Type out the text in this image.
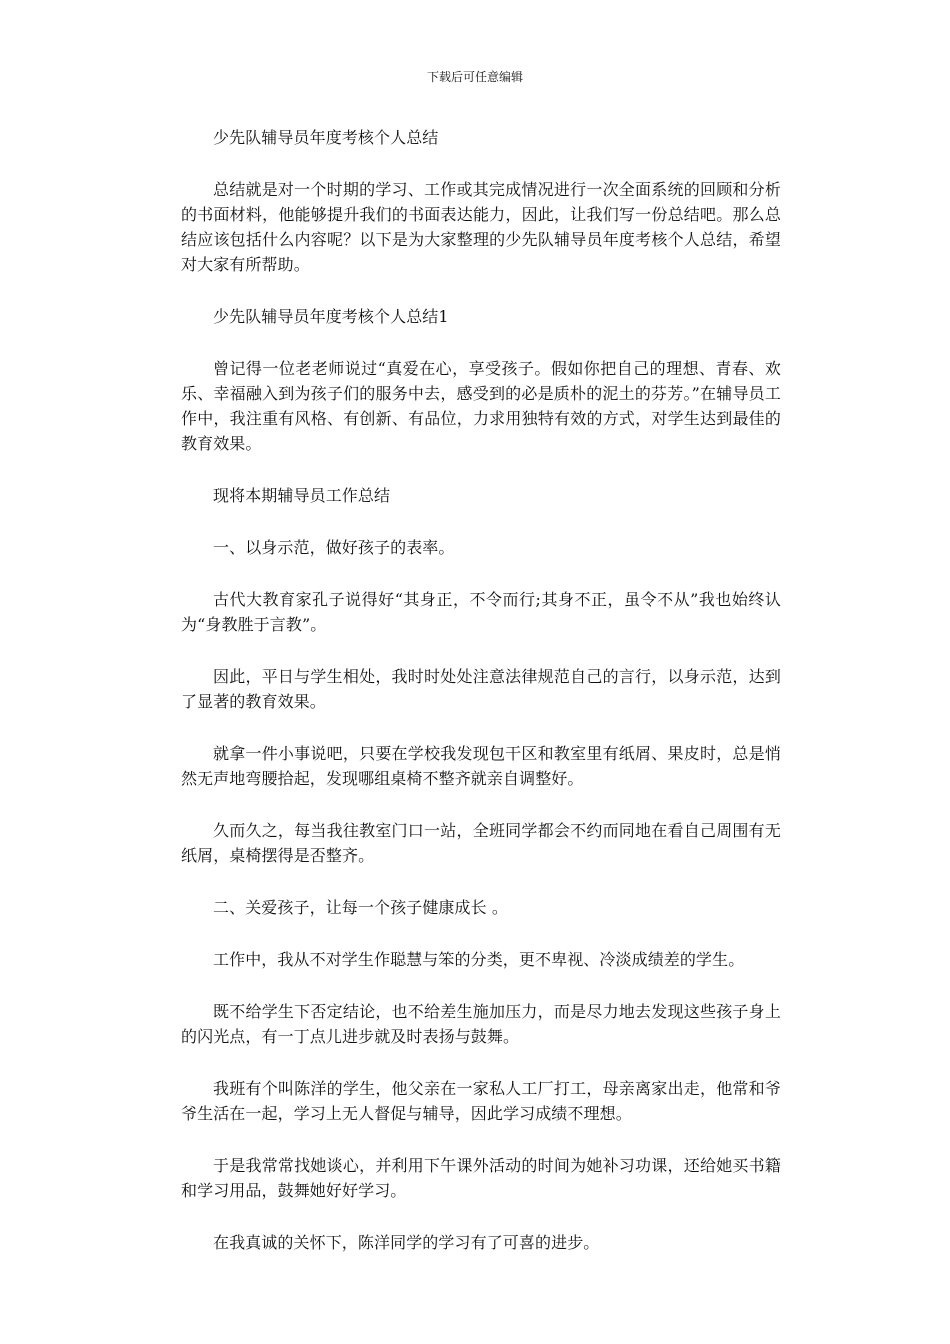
下载后可任意编辑

少先队辅导员年度考核个人总结

总结就是对一个时期的学习、工作或其完成情况进行一次全面系统的回顾和分析的书面材料，他能够提升我们的书面表达能力，因此，让我们写一份总结吧。那么总结应该包括什么内容呢？以下是为大家整理的少先队辅导员年度考核个人总结，希望对大家有所帮助。

少先队辅导员年度考核个人总结1

曾记得一位老老师说过“真爱在心，享受孩子。假如你把自己的理想、青春、欢乐、幸福融入到为孩子们的服务中去，感受到的必是质朴的泥土的芬芳。”在辅导员工作中，我注重有风格、有创新、有品位，力求用独特有效的方式，对学生达到最佳的教育效果。

现将本期辅导员工作总结

一、以身示范，做好孩子的表率。

古代大教育家孔子说得好“其身正，不令而行;其身不正，虽令不从”我也始终认为“身教胜于言教”。

因此，平日与学生相处，我时时处处注意法律规范自己的言行，以身示范，达到了显著的教育效果。

就拿一件小事说吧，只要在学校我发现包干区和教室里有纸屑、果皮时，总是悄然无声地弯腰拾起，发现哪组桌椅不整齐就亲自调整好。

久而久之，每当我往教室门口一站，全班同学都会不约而同地在看自己周围有无纸屑，桌椅摆得是否整齐。

二、关爱孩子，让每一个孩子健康成长 。

工作中，我从不对学生作聪慧与笨的分类，更不卑视、冷淡成绩差的学生。

既不给学生下否定结论，也不给差生施加压力，而是尽力地去发现这些孩子身上的闪光点，有一丁点儿进步就及时表扬与鼓舞。

我班有个叫陈洋的学生，他父亲在一家私人工厂打工，母亲离家出走，他常和爷爷生活在一起，学习上无人督促与辅导，因此学习成绩不理想。

于是我常常找她谈心，并利用下午课外活动的时间为她补习功课，还给她买书籍和学习用品，鼓舞她好好学习。

在我真诚的关怀下，陈洋同学的学习有了可喜的进步。
